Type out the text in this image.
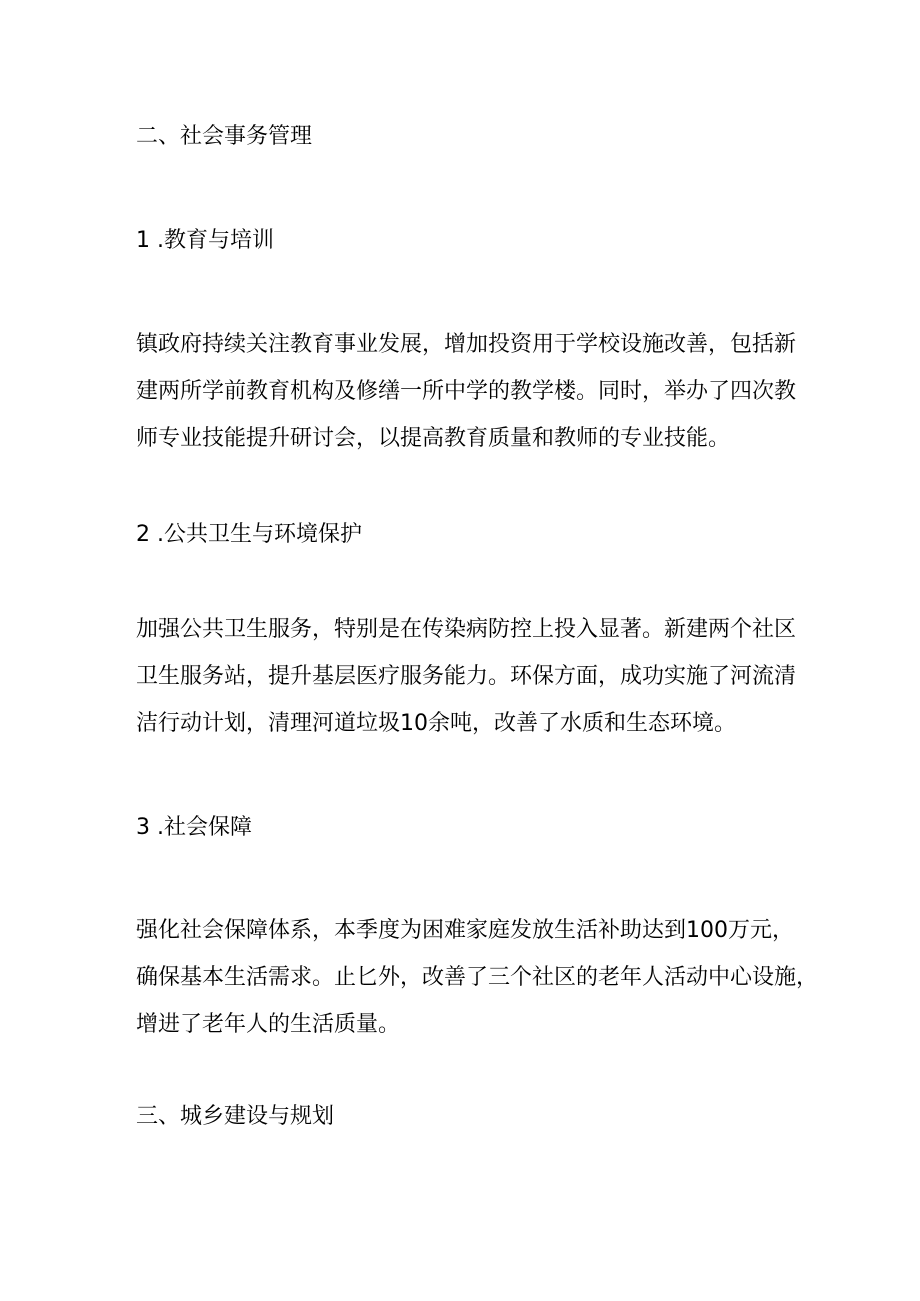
二、社会事务管理
1 .教育与培训
镇政府持续关注教育事业发展，增加投资用于学校设施改善，包括新
建两所学前教育机构及修缮一所中学的教学楼。同时，举办了四次教
师专业技能提升研讨会，以提高教育质量和教师的专业技能。
2 .公共卫生与环境保护
加强公共卫生服务，特别是在传染病防控上投入显著。新建两个社区
卫生服务站，提升基层医疗服务能力。环保方面，成功实施了河流清
洁行动计划，清理河道垃圾10余吨，改善了水质和生态环境。
3 .社会保障
强化社会保障体系，本季度为困难家庭发放生活补助达到100万元，
确保基本生活需求。止匕外，改善了三个社区的老年人活动中心设施，
增进了老年人的生活质量。
三、城乡建设与规划
